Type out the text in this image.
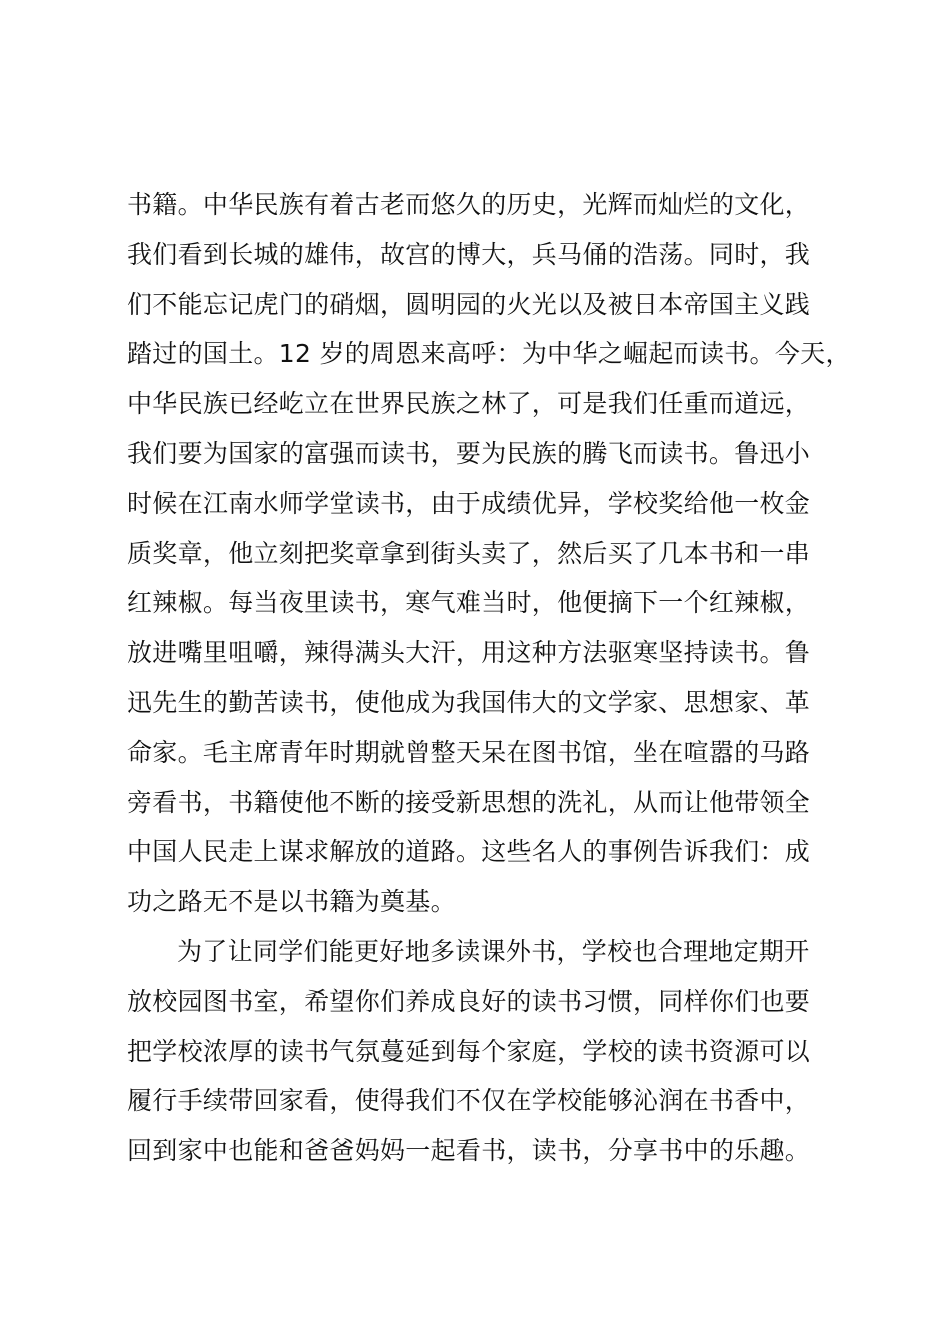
书籍。中华民族有着古老而悠久的历史，光辉而灿烂的文化，
我们看到长城的雄伟，故宫的博大，兵马俑的浩荡。同时，我
们不能忘记虎门的硝烟，圆明园的火光以及被日本帝国主义践
踏过的国土。12 岁的周恩来高呼：为中华之崛起而读书。今天，
中华民族已经屹立在世界民族之林了，可是我们任重而道远，
我们要为国家的富强而读书，要为民族的腾飞而读书。鲁迅小
时候在江南水师学堂读书，由于成绩优异，学校奖给他一枚金
质奖章，他立刻把奖章拿到街头卖了，然后买了几本书和一串
红辣椒。每当夜里读书，寒气难当时，他便摘下一个红辣椒，
放进嘴里咀嚼，辣得满头大汗，用这种方法驱寒坚持读书。鲁
迅先生的勤苦读书，使他成为我国伟大的文学家、思想家、革
命家。毛主席青年时期就曾整天呆在图书馆，坐在喧嚣的马路
旁看书，书籍使他不断的接受新思想的洗礼，从而让他带领全
中国人民走上谋求解放的道路。这些名人的事例告诉我们：成
功之路无不是以书籍为奠基。
为了让同学们能更好地多读课外书，学校也合理地定期开
放校园图书室，希望你们养成良好的读书习惯，同样你们也要
把学校浓厚的读书气氛蔓延到每个家庭，学校的读书资源可以
履行手续带回家看，使得我们不仅在学校能够沁润在书香中，
回到家中也能和爸爸妈妈一起看书，读书，分享书中的乐趣。
